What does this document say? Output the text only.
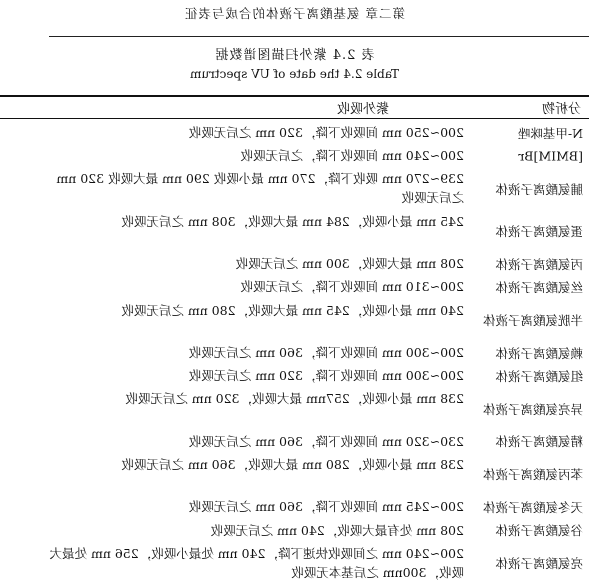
第二章 氨基酸离子液体的合成与表征
表 2.4 紫外扫描图谱数据
Table 2.4 the date of UV spectrum
分析物
紫外吸收
N-甲基咪唑
200~250 nm 间吸收下降，320 nm 之后无吸收
[BMIM]Br
200~240 nm 间吸收下降，之后无吸收
脯氨酸离子液体
239~270 nm 吸收下降，270 nm 最小吸收 290 nm 最大吸收 320 nm 之后无吸收
蛋氨酸离子液体
245 nm 最小吸收，284 nm 最大吸收，308 nm 之后无吸收
丙氨酸离子液体
208 nm 最大吸收，300 nm 之后无吸收
丝氨酸离子液体
200~310 nm 间吸收下降，之后无吸收
半胱氨酸离子液体
240 nm 最小吸收，245 nm 最大吸收，280 nm 之后无吸收
赖氨酸离子液体
200~300 nm 间吸收下降，360 nm 之后无吸收
组氨酸离子液体
200~300 nm 间吸收下降，320 nm 之后无吸收
异亮氨酸离子液体
238 nm 最小吸收，257nm 最大吸收，320 nm 之后无吸收
精氨酸离子液体
230~320 nm 间吸收下降，360 nm 之后无吸收
苯丙氨酸离子液体
238 nm 最小吸收，280 nm 最大吸收，360 nm 之后无吸收
天冬氨酸离子液体
200~245 nm 间吸收下降，360 nm 之后无吸收
谷氨酸离子液体
208 nm 处有最大吸收，240 nm 之后无吸收
亮氨酸离子液体
200~240 nm 之间吸收快速下降，240 nm 处最小吸收，256 nm 处最大吸收，300nm 之后基本无吸收
